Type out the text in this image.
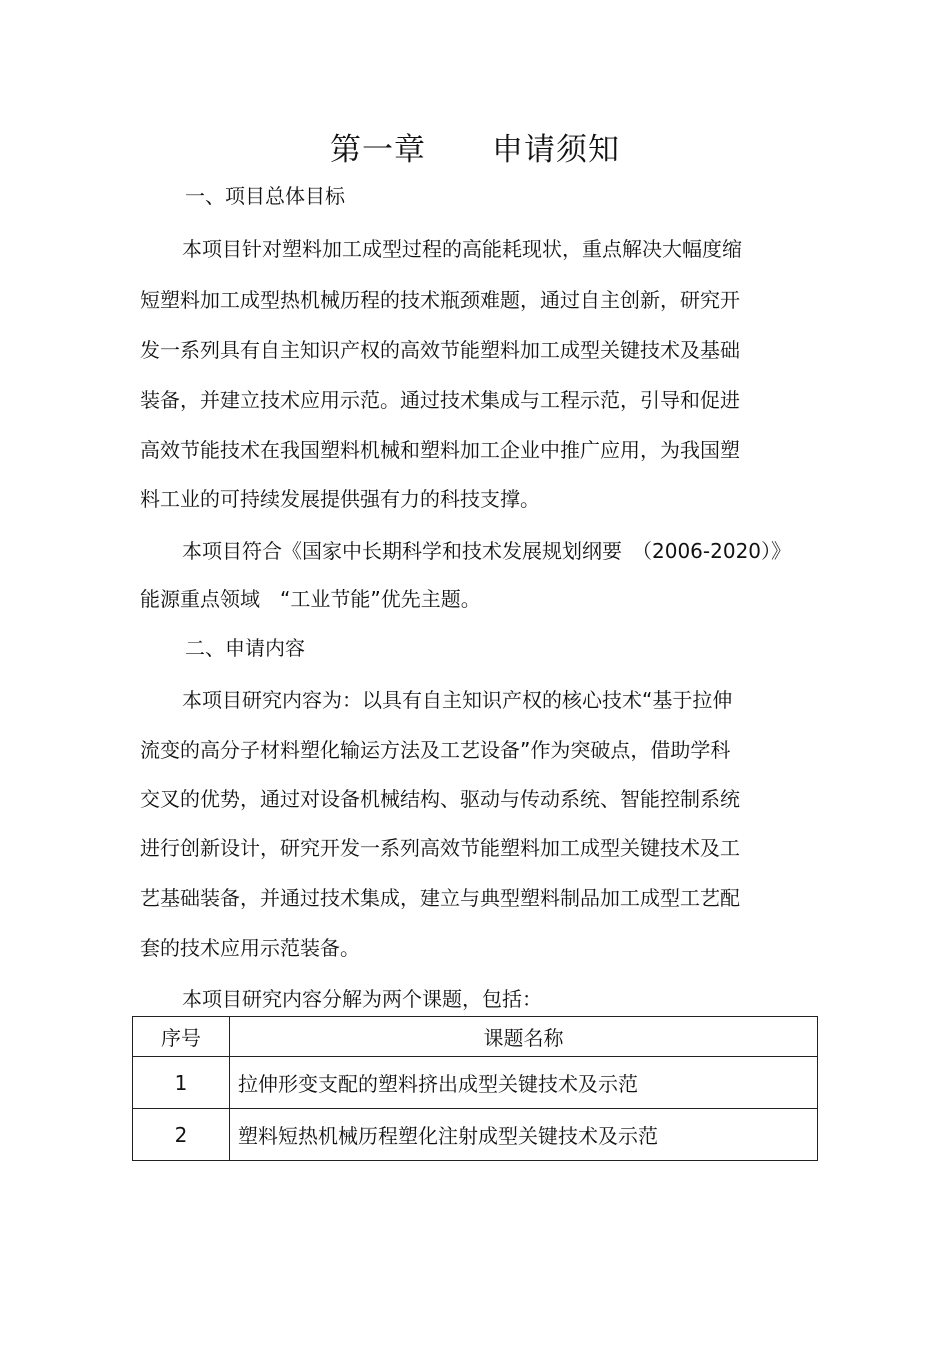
第一章 申请须知
一、项目总体目标
本项目针对塑料加工成型过程的高能耗现状，重点解决大幅度缩
短塑料加工成型热机械历程的技术瓶颈难题，通过自主创新，研究开
发一系列具有自主知识产权的高效节能塑料加工成型关键技术及基础
装备，并建立技术应用示范。通过技术集成与工程示范，引导和促进
高效节能技术在我国塑料机械和塑料加工企业中推广应用，为我国塑
料工业的可持续发展提供强有力的科技支撑。
本项目符合《国家中长期科学和技术发展规划纲要　（2006-2020）》
能源重点领域　“工业节能”优先主题。
二、申请内容
本项目研究内容为：以具有自主知识产权的核心技术“基于拉伸
流变的高分子材料塑化输运方法及工艺设备”作为突破点，借助学科
交叉的优势，通过对设备机械结构、驱动与传动系统、智能控制系统
进行创新设计，研究开发一系列高效节能塑料加工成型关键技术及工
艺基础装备，并通过技术集成，建立与典型塑料制品加工成型工艺配
套的技术应用示范装备。
本项目研究内容分解为两个课题，包括：
序号	课题名称
1	拉伸形变支配的塑料挤出成型关键技术及示范
2	塑料短热机械历程塑化注射成型关键技术及示范
